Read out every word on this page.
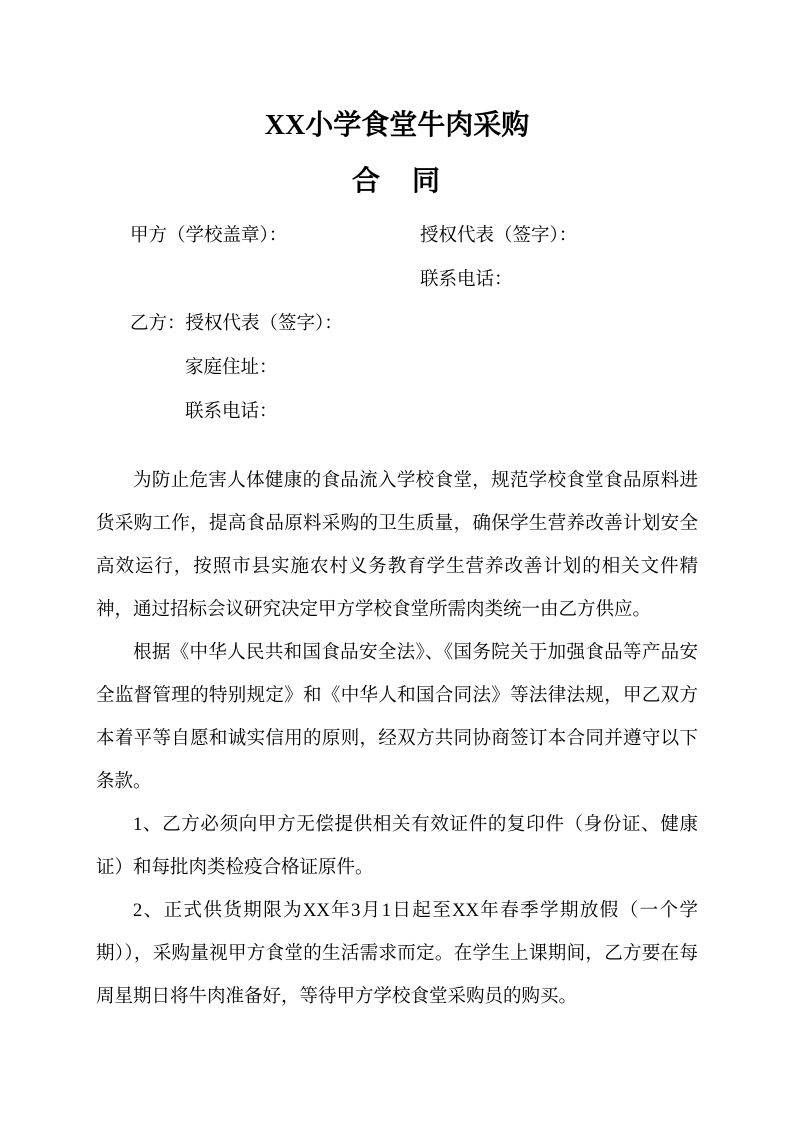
XX小学食堂牛肉采购
合　同
甲方（学校盖章）：	授权代表（签字）：
联系电话：
乙方：授权代表（签字）：
家庭住址：
联系电话：

为防止危害人体健康的食品流入学校食堂，规范学校食堂食品原料进货采购工作，提高食品原料采购的卫生质量，确保学生营养改善计划安全高效运行，按照市县实施农村义务教育学生营养改善计划的相关文件精神，通过招标会议研究决定甲方学校食堂所需肉类统一由乙方供应。

根据《中华人民共和国食品安全法》、《国务院关于加强食品等产品安全监督管理的特别规定》和《中华人和国合同法》等法律法规，甲乙双方本着平等自愿和诚实信用的原则，经双方共同协商签订本合同并遵守以下条款。

1、乙方必须向甲方无偿提供相关有效证件的复印件（身份证、健康证）和每批肉类检疫合格证原件。

2、正式供货期限为XX年3月1日起至XX年春季学期放假（一个学期）），采购量视甲方食堂的生活需求而定。在学生上课期间，乙方要在每周星期日将牛肉准备好，等待甲方学校食堂采购员的购买。
